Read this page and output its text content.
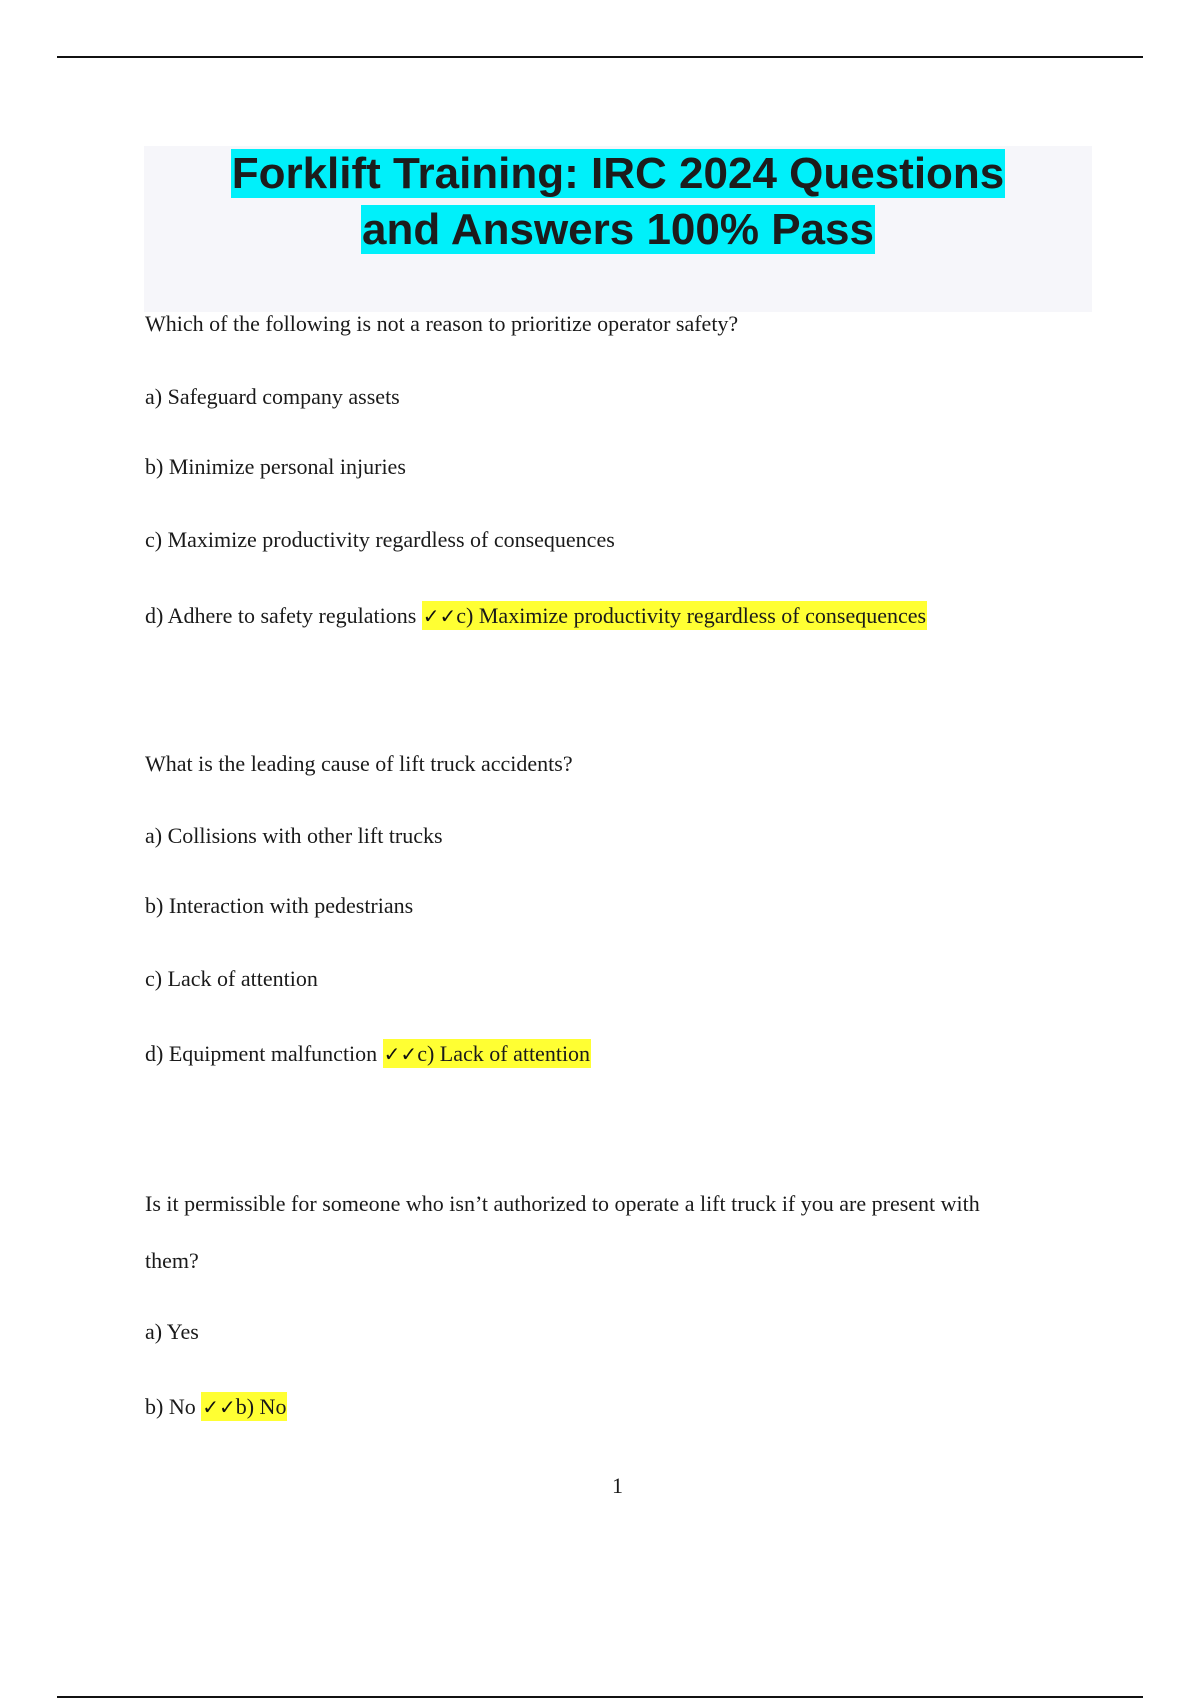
Forklift Training: IRC 2024 Questions
and Answers 100% Pass
Which of the following is not a reason to prioritize operator safety?
a) Safeguard company assets
b) Minimize personal injuries
c) Maximize productivity regardless of consequences
d) Adhere to safety regulations ✓✓c) Maximize productivity regardless of consequences
What is the leading cause of lift truck accidents?
a) Collisions with other lift trucks
b) Interaction with pedestrians
c) Lack of attention
d) Equipment malfunction ✓✓c) Lack of attention
Is it permissible for someone who isn’t authorized to operate a lift truck if you are present with
them?
a) Yes
b) No ✓✓b) No
1
